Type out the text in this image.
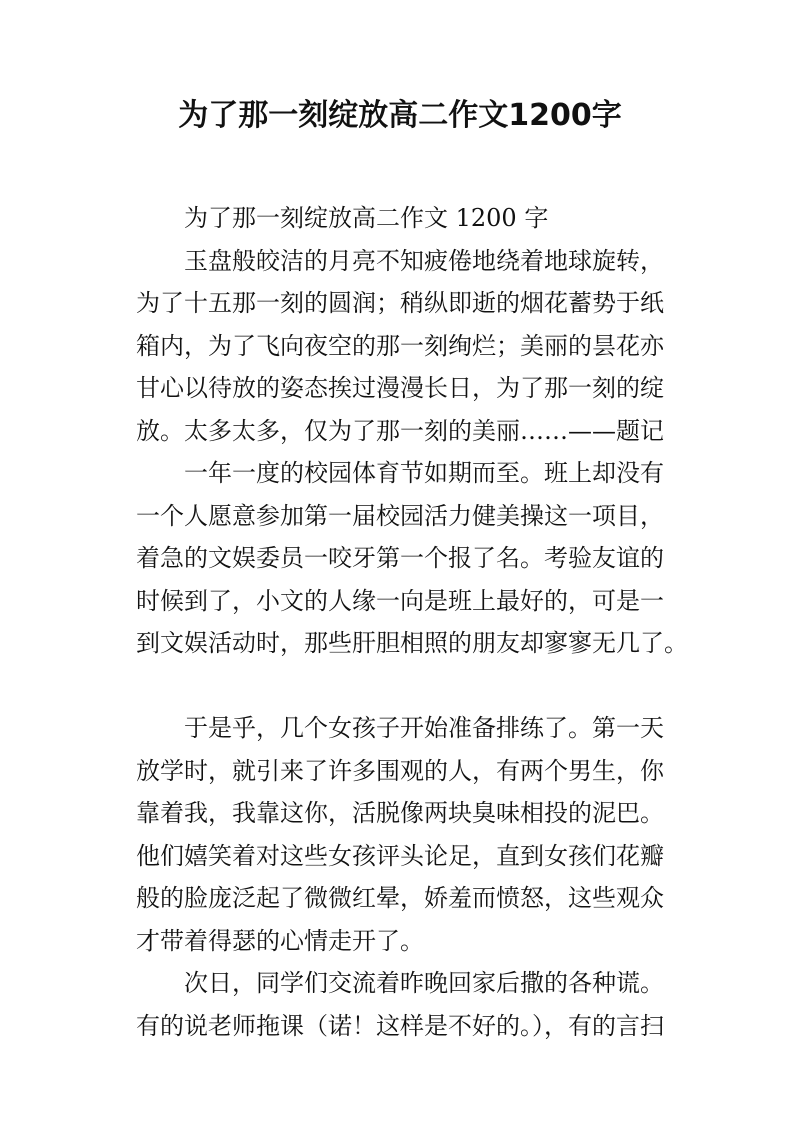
为了那一刻绽放高二作文1200字
为了那一刻绽放高二作文 1200 字
玉盘般皎洁的月亮不知疲倦地绕着地球旋转，
为了十五那一刻的圆润；稍纵即逝的烟花蓄势于纸
箱内，为了飞向夜空的那一刻绚烂；美丽的昙花亦
甘心以待放的姿态挨过漫漫长日，为了那一刻的绽
放。太多太多，仅为了那一刻的美丽……——题记
一年一度的校园体育节如期而至。班上却没有
一个人愿意参加第一届校园活力健美操这一项目，
着急的文娱委员一咬牙第一个报了名。考验友谊的
时候到了，小文的人缘一向是班上最好的，可是一
到文娱活动时，那些肝胆相照的朋友却寥寥无几了。
于是乎，几个女孩子开始准备排练了。第一天
放学时，就引来了许多围观的人，有两个男生，你
靠着我，我靠这你，活脱像两块臭味相投的泥巴。
他们嬉笑着对这些女孩评头论足，直到女孩们花瓣
般的脸庞泛起了微微红晕，娇羞而愤怒，这些观众
才带着得瑟的心情走开了。
次日，同学们交流着昨晚回家后撒的各种谎。
有的说老师拖课（诺！这样是不好的。），有的言扫
